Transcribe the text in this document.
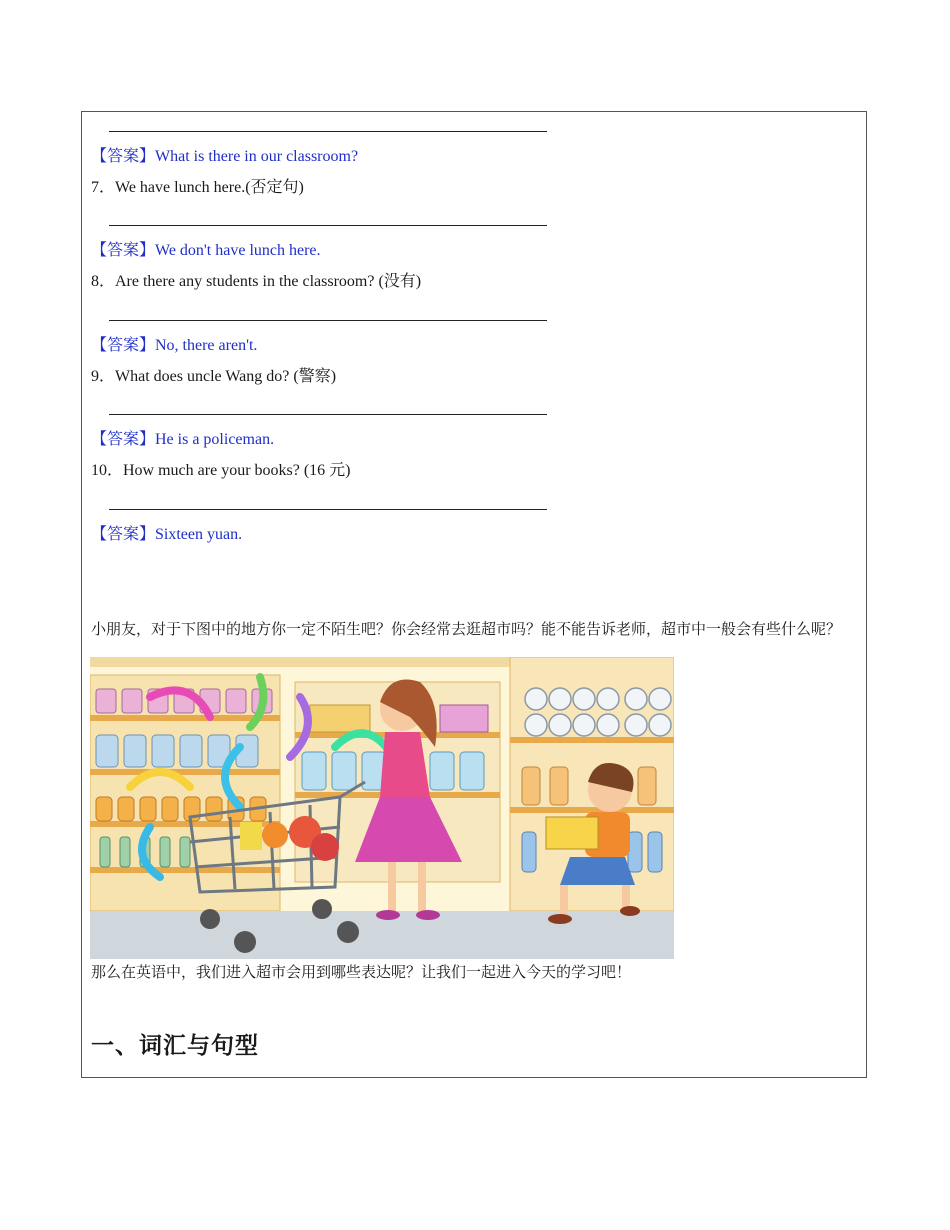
【答案】What is there in our classroom?
7．We have lunch here.(否定句)
【答案】We don't have lunch here.
8．Are there any students in the classroom? (没有)
【答案】No, there aren't.
9．What does uncle Wang do? (警察)
【答案】He is a policeman.
10．How much are your books? (16 元)
【答案】Sixteen yuan.
小朋友，对于下图中的地方你一定不陌生吧？你会经常去逛超市吗？能不能告诉老师，超市中一般会有些什么呢？
那么在英语中，我们进入超市会用到哪些表达呢？让我们一起进入今天的学习吧！
一、词汇与句型
